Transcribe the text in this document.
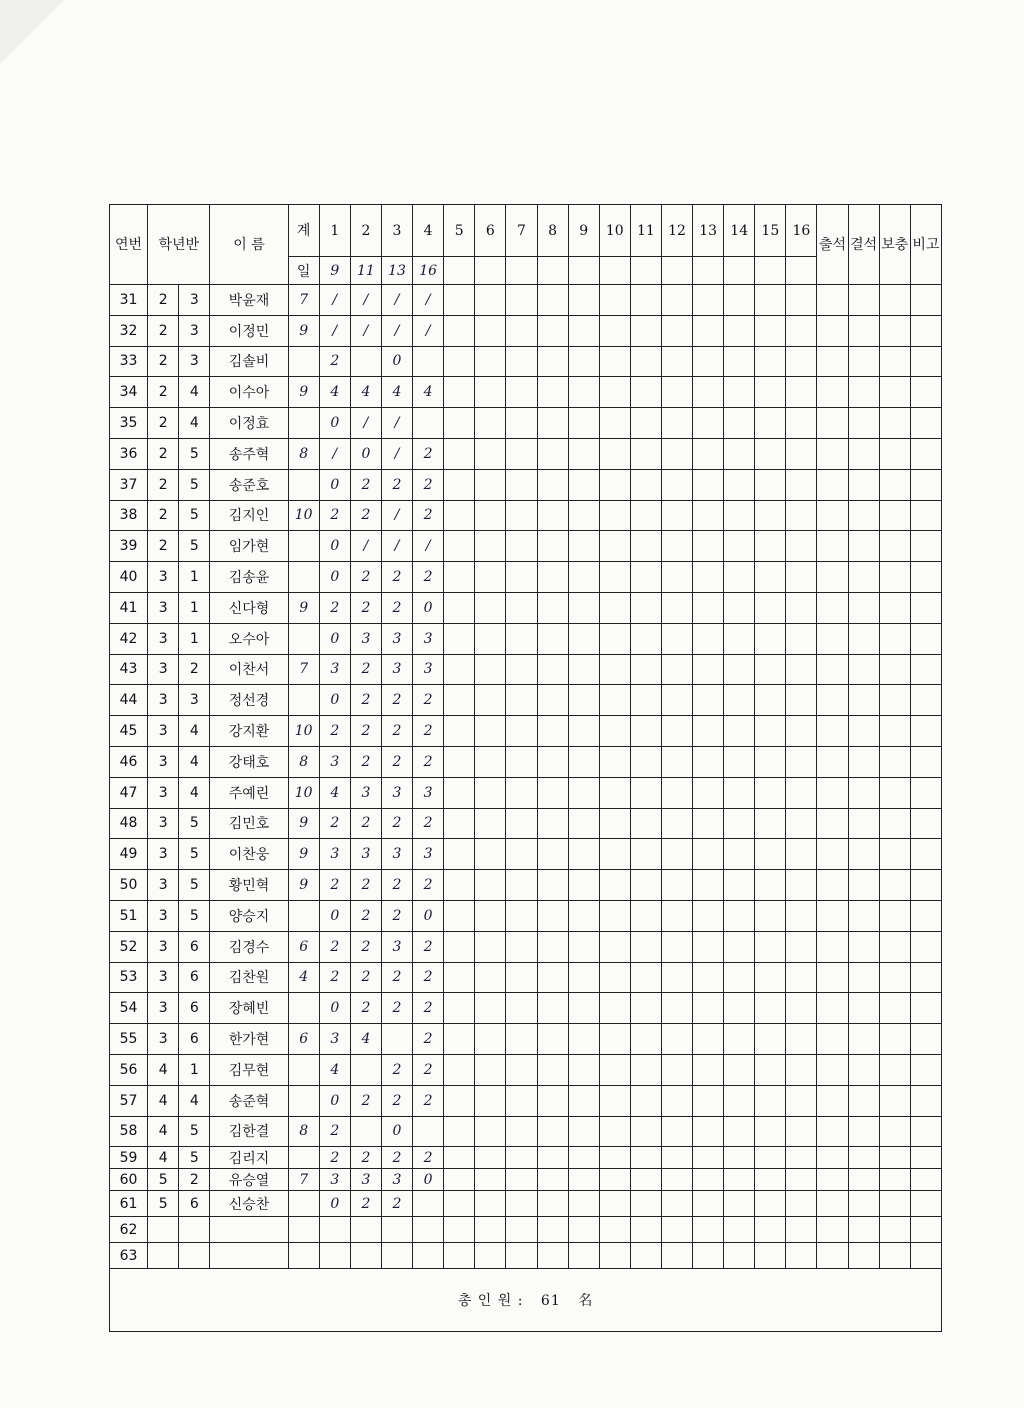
연번	학년반		이 름	계	1	2	3	4	5	6	7	8	9	10	11	12	13	14	15	16	출석	결석	보충	비고
				일	9	11	13	16																
31	2	3	박윤재	7	/	/	/	/																
32	2	3	이정민	9	/	/	/	/																
33	2	3	김솔비		2		0																	
34	2	4	이수아	9	4	4	4	4																
35	2	4	이정효		0	/	/																	
36	2	5	송주혁	8	/	0	/	2																
37	2	5	송준호		0	2	2	2																
38	2	5	김지인	10	2	2	/	2																
39	2	5	임가현		0	/	/	/																
40	3	1	김송윤		0	2	2	2																
41	3	1	신다형	9	2	2	2	0																
42	3	1	오수아		0	3	3	3																
43	3	2	이찬서	7	3	2	3	3																
44	3	3	정선경		0	2	2	2																
45	3	4	강지환	10	2	2	2	2																
46	3	4	강태호	8	3	2	2	2																
47	3	4	주예린	10	4	3	3	3																
48	3	5	김민호	9	2	2	2	2																
49	3	5	이찬웅	9	3	3	3	3																
50	3	5	황민혁	9	2	2	2	2																
51	3	5	양승지		0	2	2	0																
52	3	6	김경수	6	2	2	3	2																
53	3	6	김찬원	4	2	2	2	2																
54	3	6	장혜빈		0	2	2	2																
55	3	6	한가현	6	3	4		2																
56	4	1	김무현		4		2	2																
57	4	4	송준혁		0	2	2	2																
58	4	5	김한결	8	2		0																	
59	4	5	김리지		2	2	2	2																
60	5	2	유승열	7	3	3	3	0																
61	5	6	신승찬		0	2	2																	
62																								
63																								
총 인 원 : 61 名																								
